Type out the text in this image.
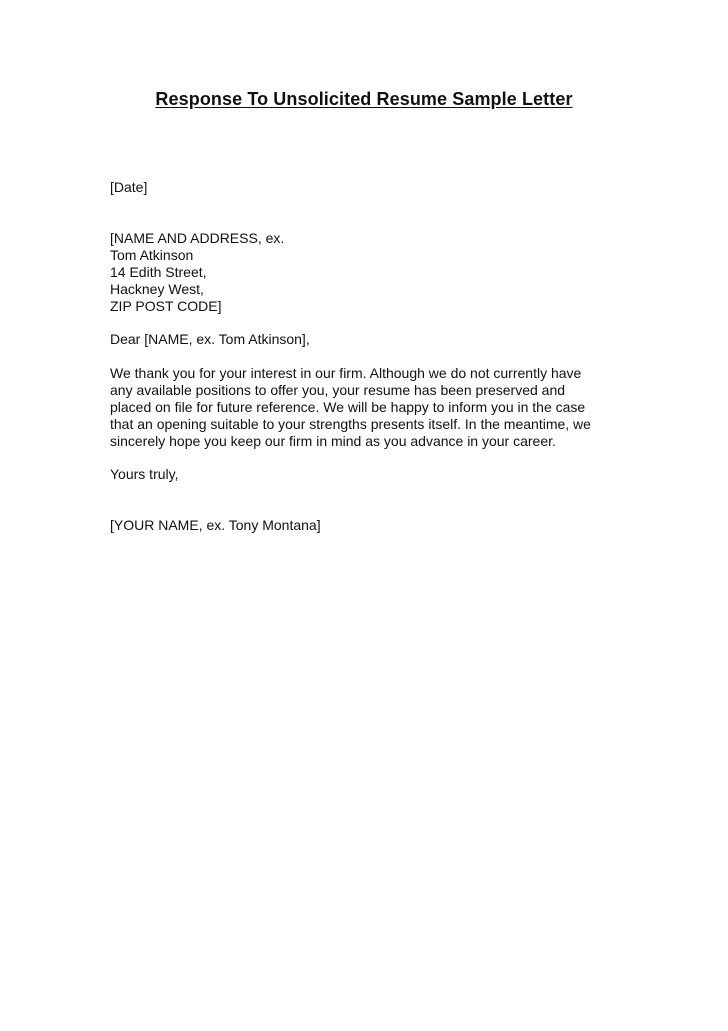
Response To Unsolicited Resume Sample Letter
[Date]
[NAME AND ADDRESS, ex.
Tom Atkinson
14 Edith Street,
Hackney West,
ZIP POST CODE]
Dear [NAME, ex. Tom Atkinson],
We thank you for your interest in our firm. Although we do not currently have
any available positions to offer you, your resume has been preserved and
placed on file for future reference. We will be happy to inform you in the case
that an opening suitable to your strengths presents itself. In the meantime, we
sincerely hope you keep our firm in mind as you advance in your career.
Yours truly,
[YOUR NAME, ex. Tony Montana]
